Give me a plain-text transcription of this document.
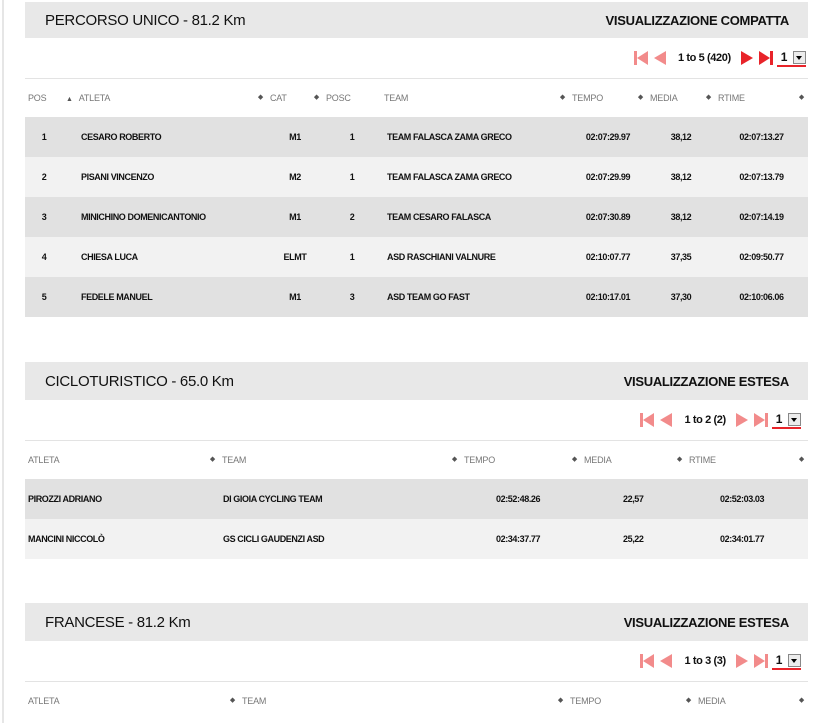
PERCORSO UNICO - 81.2 Km	VISUALIZZAZIONE COMPATTA
1 to 5 (420)	1
POS	▲ ATLETA ◆	CAT ◆	POSC	TEAM ◆	TEMPO ◆	MEDIA ◆	RTIME ◆

1	CESARO ROBERTO	M1	1	TEAM FALASCA ZAMA GRECO	02:07:29.97	38,12	02:07:13.27
2	PISANI VINCENZO	M2	1	TEAM FALASCA ZAMA GRECO	02:07:29.99	38,12	02:07:13.79
3	MINICHINO DOMENICANTONIO	M1	2	TEAM CESARO FALASCA	02:07:30.89	38,12	02:07:14.19
4	CHIESA LUCA	ELMT	1	ASD RASCHIANI VALNURE	02:10:07.77	37,35	02:09:50.77
5	FEDELE MANUEL	M1	3	ASD TEAM GO FAST	02:10:17.01	37,30	02:10:06.06
CICLOTURISTICO - 65.0 Km	VISUALIZZAZIONE ESTESA
1 to 2 (2)	1
ATLETA ◆	TEAM ◆	TEMPO ◆	MEDIA ◆	RTIME ◆

PIROZZI ADRIANO	DI GIOIA CYCLING TEAM	02:52:48.26	22,57	02:52:03.03
MANCINI NICCOLÒ	GS CICLI GAUDENZI ASD	02:34:37.77	25,22	02:34:01.77
FRANCESE - 81.2 Km	VISUALIZZAZIONE ESTESA
1 to 3 (3)	1
ATLETA	◆	TEAM	◆	TEMPO	◆	MEDIA	◆
